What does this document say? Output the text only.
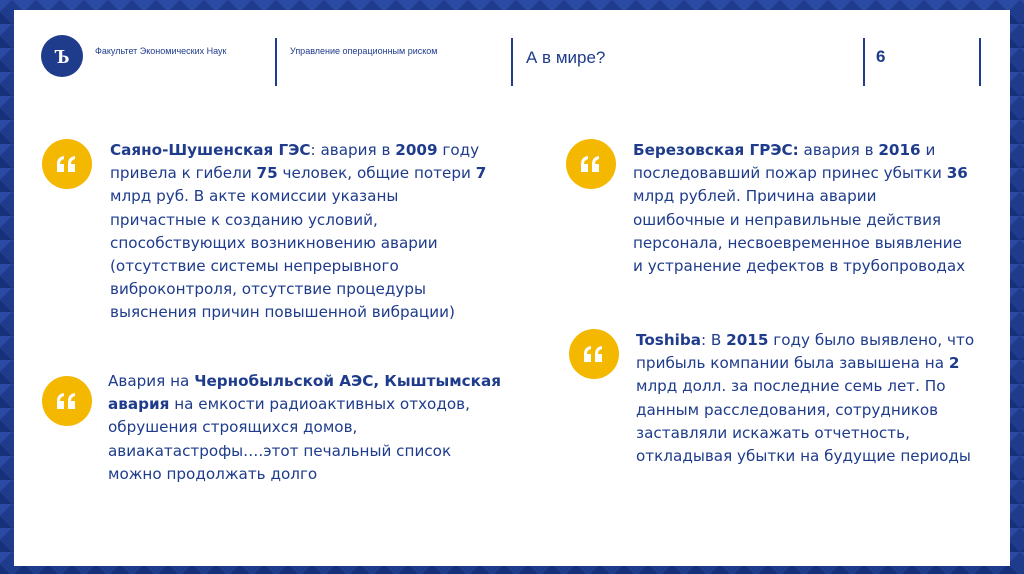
Ъ	Факультет Экономических Наук	Управление операционным риском	А в мире?	6

Саяно-Шушенская ГЭС: авария в 2009 году

привела к гибели 75 человек, общие потери 7

млрд руб. В акте комиссии указаны

причастные к созданию условий,

способствующих возникновению аварии

(отсутствие системы непрерывного

виброконтроля, отсутствие процедуры

выяснения причин повышенной вибрации)

Авария на Чернобыльской АЭС, Кыштымская

авария на емкости радиоактивных отходов,

обрушения строящихся домов,

авиакатастрофы….этот печальный список

можно продолжать долго

Березовская ГРЭС: авария в 2016 и

последовавший пожар принес убытки 36

млрд рублей. Причина аварии

ошибочные и неправильные действия

персонала, несвоевременное выявление

и устранение дефектов в трубопроводах

Toshiba: В 2015 году было выявлено, что

прибыль компании была завышена на 2

млрд долл. за последние семь лет. По

данным расследования, сотрудников

заставляли искажать отчетность,

откладывая убытки на будущие периоды
